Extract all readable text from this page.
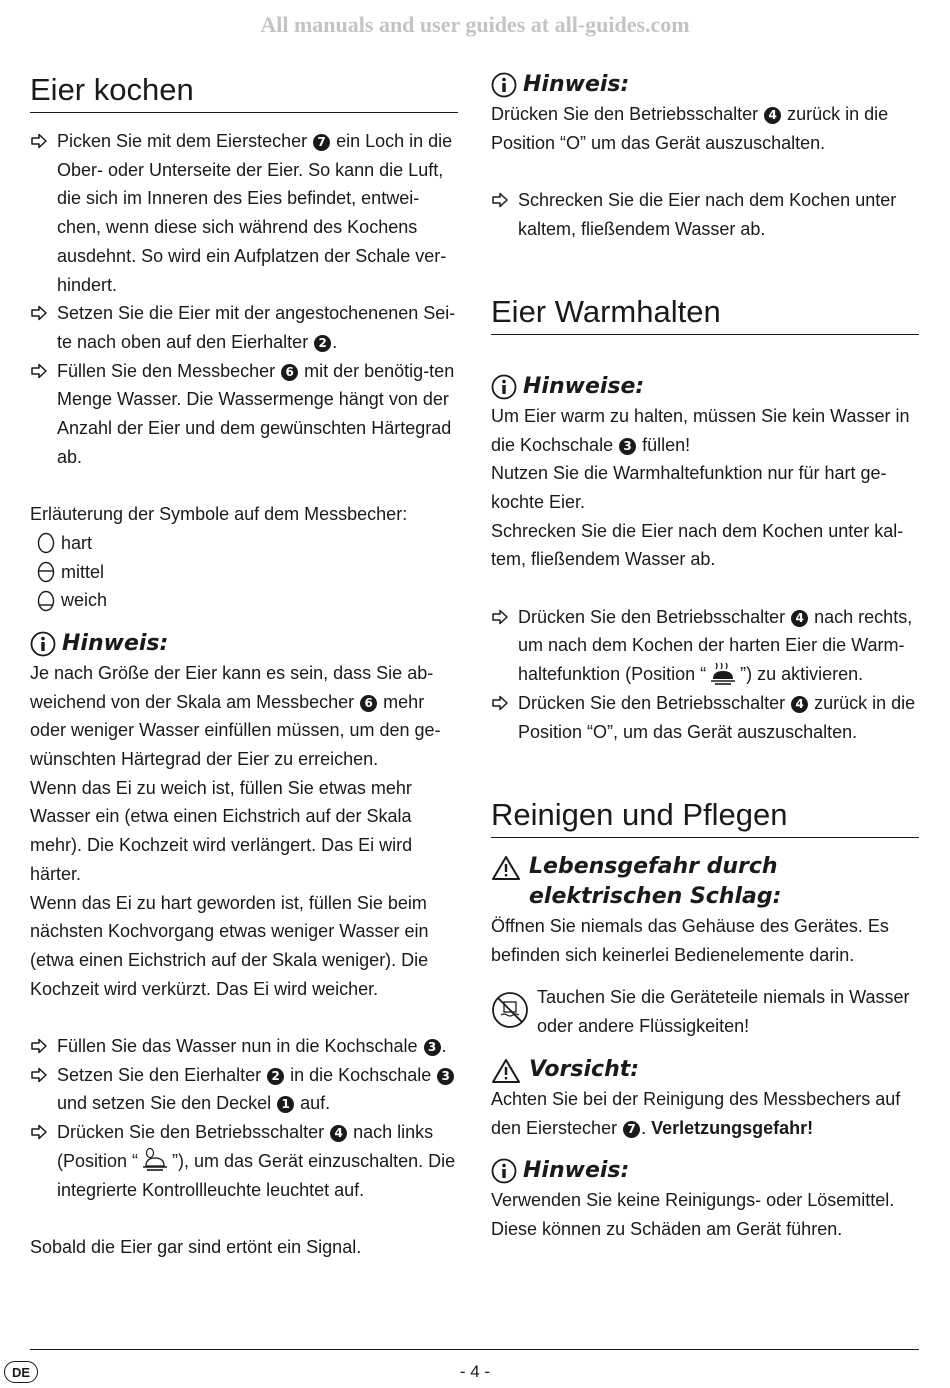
All manuals and user guides at all-guides.com
Eier kochen
Picken Sie mit dem Eierstecher 7 ein Loch in die Ober- oder Unterseite der Eier. So kann die Luft, die sich im Inneren des Eies befindet, entwei-chen, wenn diese sich während des Kochens ausdehnt. So wird ein Aufplatzen der Schale ver-hindert.
Setzen Sie die Eier mit der angestochenenen Sei-te nach oben auf den Eierhalter 2 .
Füllen Sie den Messbecher 6 mit der benötig-ten Menge Wasser. Die Wassermenge hängt von der Anzahl der Eier und dem gewünschten Härtegrad ab.

Erläuterung der Symbole auf dem Messbecher:

hart
mittel
weich
Hinweis:

Je nach Größe der Eier kann es sein, dass Sie ab-weichend von der Skala am Messbecher 6 mehr oder weniger Wasser einfüllen müssen, um den ge-wünschten Härtegrad der Eier zu erreichen.

Wenn das Ei zu weich ist, füllen Sie etwas mehr Wasser ein (etwa einen Eichstrich auf der Skala mehr). Die Kochzeit wird verlängert. Das Ei wird härter.

Wenn das Ei zu hart geworden ist, füllen Sie beim nächsten Kochvorgang etwas weniger Wasser ein (etwa einen Eichstrich auf der Skala weniger). Die Kochzeit wird verkürzt. Das Ei wird weicher.

Füllen Sie das Wasser nun in die Kochschale 3 .
Setzen Sie den Eierhalter 2 in die Kochschale 3 und setzen Sie den Deckel 1 auf.
Drücken Sie den Betriebsschalter 4 nach links (Position “ ”), um das Gerät einzuschalten. Die integrierte Kontrollleuchte leuchtet auf.

Sobald die Eier gar sind ertönt ein Signal.

Hinweis:

Drücken Sie den Betriebsschalter 4 zurück in die Position “O” um das Gerät auszuschalten.

Schrecken Sie die Eier nach dem Kochen unter kaltem, fließendem Wasser ab.
Eier Warmhalten
Hinweise:

Um Eier warm zu halten, müssen Sie kein Wasser in die Kochschale 3 füllen!

Nutzen Sie die Warmhaltefunktion nur für hart ge-kochte Eier.

Schrecken Sie die Eier nach dem Kochen unter kal-tem, fließendem Wasser ab.

Drücken Sie den Betriebsschalter 4 nach rechts, um nach dem Kochen der harten Eier die Warm-haltefunktion (Position “ ”) zu aktivieren.
Drücken Sie den Betriebsschalter 4 zurück in die Position “O”, um das Gerät auszuschalten.
Reinigen und Pflegen
Lebensgefahr durch elektrischen Schlag:

Öffnen Sie niemals das Gehäuse des Gerätes. Es befinden sich keinerlei Bedienelemente darin.

Tauchen Sie die Geräteteile niemals in Wasser oder andere Flüssigkeiten!

Vorsicht:

Achten Sie bei der Reinigung des Messbechers auf den Eierstecher 7 . Verletzungsgefahr!

Hinweis:

Verwenden Sie keine Reinigungs- oder Lösemittel. Diese können zu Schäden am Gerät führen.

DE	- 4 -
